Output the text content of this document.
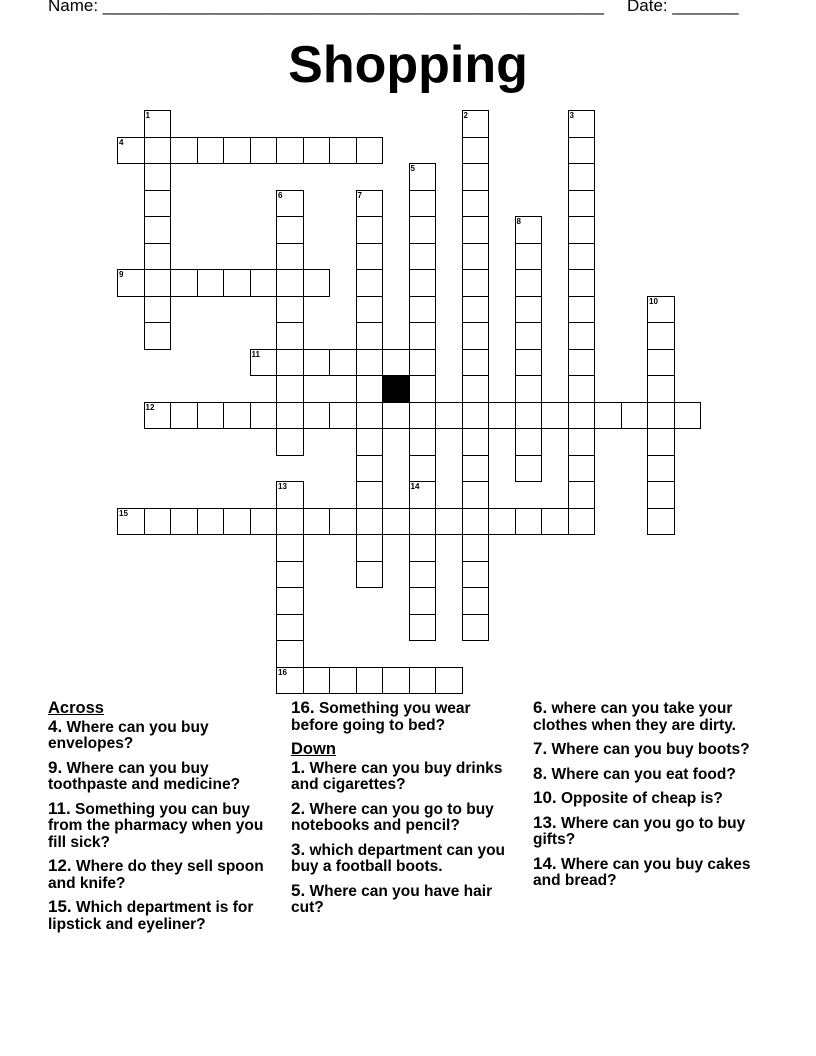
Name: _____________________________________________________ Date: _______
Shopping
1	2	3
4
5
6	7
8
9
10
11
12
13	14
15
16
Across
4. Where can you buy envelopes?
9. Where can you buy toothpaste and medicine?
11. Something you can buy from the pharmacy when you fill sick?
12. Where do they sell spoon and knife?
15. Which department is for lipstick and eyeliner?
16. Something you wear before going to bed?
Down
1. Where can you buy drinks and cigarettes?
2. Where can you go to buy notebooks and pencil?
3. which department can you buy a football boots.
5. Where can you have hair cut?
6. where can you take your clothes when they are dirty.
7. Where can you buy boots?
8. Where can you eat food?
10. Opposite of cheap is?
13. Where can you go to buy gifts?
14. Where can you buy cakes and bread?
